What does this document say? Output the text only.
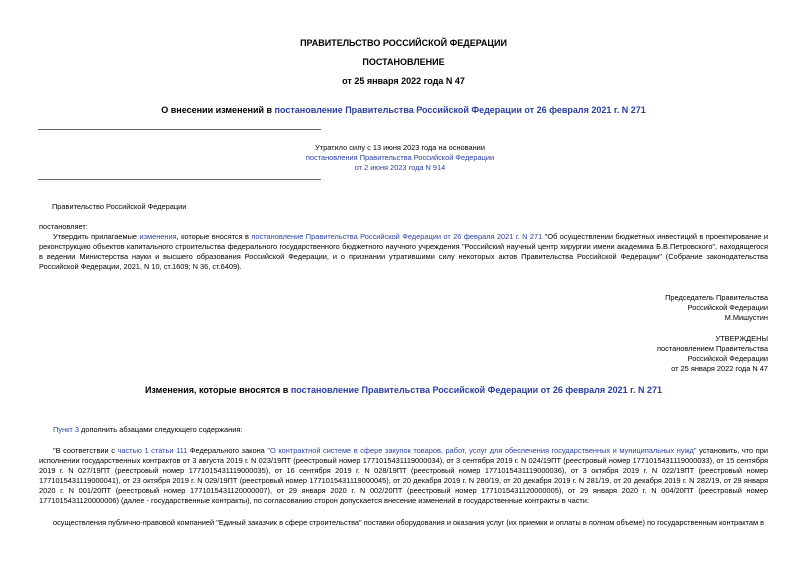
ПРАВИТЕЛЬСТВО РОССИЙСКОЙ ФЕДЕРАЦИИ
ПОСТАНОВЛЕНИЕ
от 25 января 2022 года N 47
О внесении изменений в постановление Правительства Российской Федерации от 26 февраля 2021 г. N 271
Утратило силу с 13 июня 2023 года на основании
постановления Правительства Российской Федерации
от 2 июня 2023 года N 914
Правительство Российской Федерации
постановляет:
Утвердить прилагаемые изменения, которые вносятся в постановление Правительства Российской Федерации от 26 февраля 2021 г. N 271 "Об осуществлении бюджетных инвестиций в проектирование и реконструкцию объектов капитального строительства федерального государственного бюджетного научного учреждения "Российский научный центр хирургии имени академика Б.В.Петровского", находящегося в ведении Министерства науки и высшего образования Российской Федерации, и о признании утратившими силу некоторых актов Правительства Российской Федерации" (Собрание законодательства Российской Федерации, 2021, N 10, ст.1609; N 36, ст.6409).
Председатель Правительства
Российской Федерации
М.Мишустин
УТВЕРЖДЕНЫ
постановлением Правительства
Российской Федерации
от 25 января 2022 года N 47
Изменения, которые вносятся в постановление Правительства Российской Федерации от 26 февраля 2021 г. N 271
Пункт 3 дополнить абзацами следующего содержания:
"В соответствии с частью 1 статьи 111 Федерального закона "О контрактной системе в сфере закупок товаров, работ, услуг для обеспечения государственных и муниципальных нужд" установить, что при исполнении государственных контрактов от 3 августа 2019 г. N 023/19ПТ (реестровый номер 1771015431119000034), от 3 сентября 2019 г. N 024/19ПТ (реестровый номер 1771015431119000033), от 15 сентября 2019 г. N 027/19ПТ (реестровый номер 1771015431119000035), от 16 сентября 2019 г. N 028/19ПТ (реестровый номер 1771015431119000036), от 3 октября 2019 г. N 022/19ПТ (реестровый номер 1771015431119000041), от 23 октября 2019 г. N 029/19ПТ (реестровый номер 1771015431119000045), от 20 декабря 2019 г. N 280/19, от 20 декабря 2019 г. N 281/19, от 20 декабря 2019 г. N 282/19, от 29 января 2020 г. N 001/20ПТ (реестровый номер 1771015431120000007), от 29 января 2020 г. N 002/20ПТ (реестровый номер 1771015431120000005), от 29 января 2020 г. N 004/20ПТ (реестровый номер 1771015431120000006) (далее - государственные контракты), по согласованию сторон допускается внесение изменений в государственные контракты в части:
осуществления публично-правовой компанией "Единый заказчик в сфере строительства" поставки оборудования и оказания услуг (их приемки и оплаты в полном объеме) по государственным контрактам в
